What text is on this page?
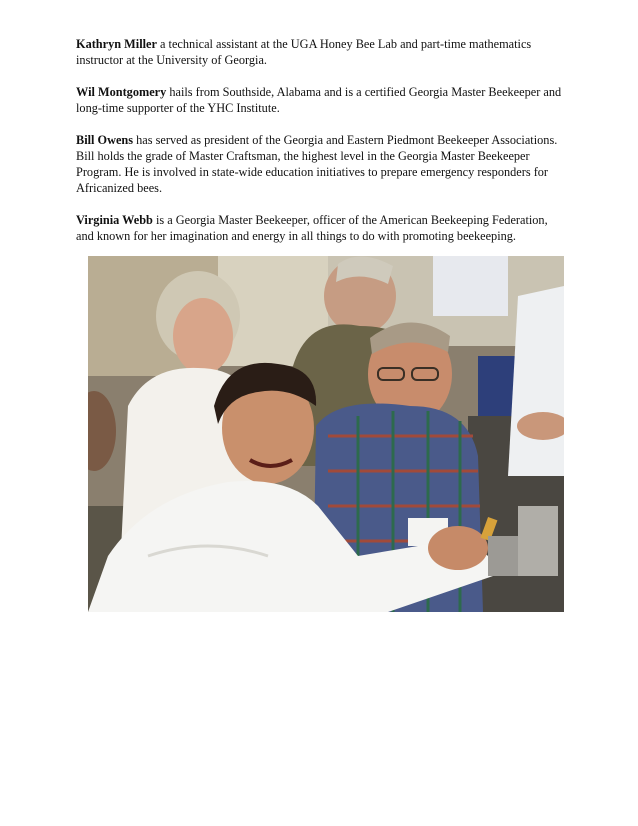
Kathryn Miller a technical assistant at the UGA Honey Bee Lab and part-time mathematics instructor at the University of Georgia.

Wil Montgomery hails from Southside, Alabama and is a certified Georgia Master Beekeeper and long-time supporter of the YHC Institute.

Bill Owens has served as president of the Georgia and Eastern Piedmont Beekeeper Associations. Bill holds the grade of Master Craftsman, the highest level in the Georgia Master Beekeeper Program. He is involved in state-wide education initiatives to prepare emergency responders for Africanized bees.

Virginia Webb is a Georgia Master Beekeeper, officer of the American Beekeeping Federation, and known for her imagination and energy in all things to do with promoting beekeeping.
